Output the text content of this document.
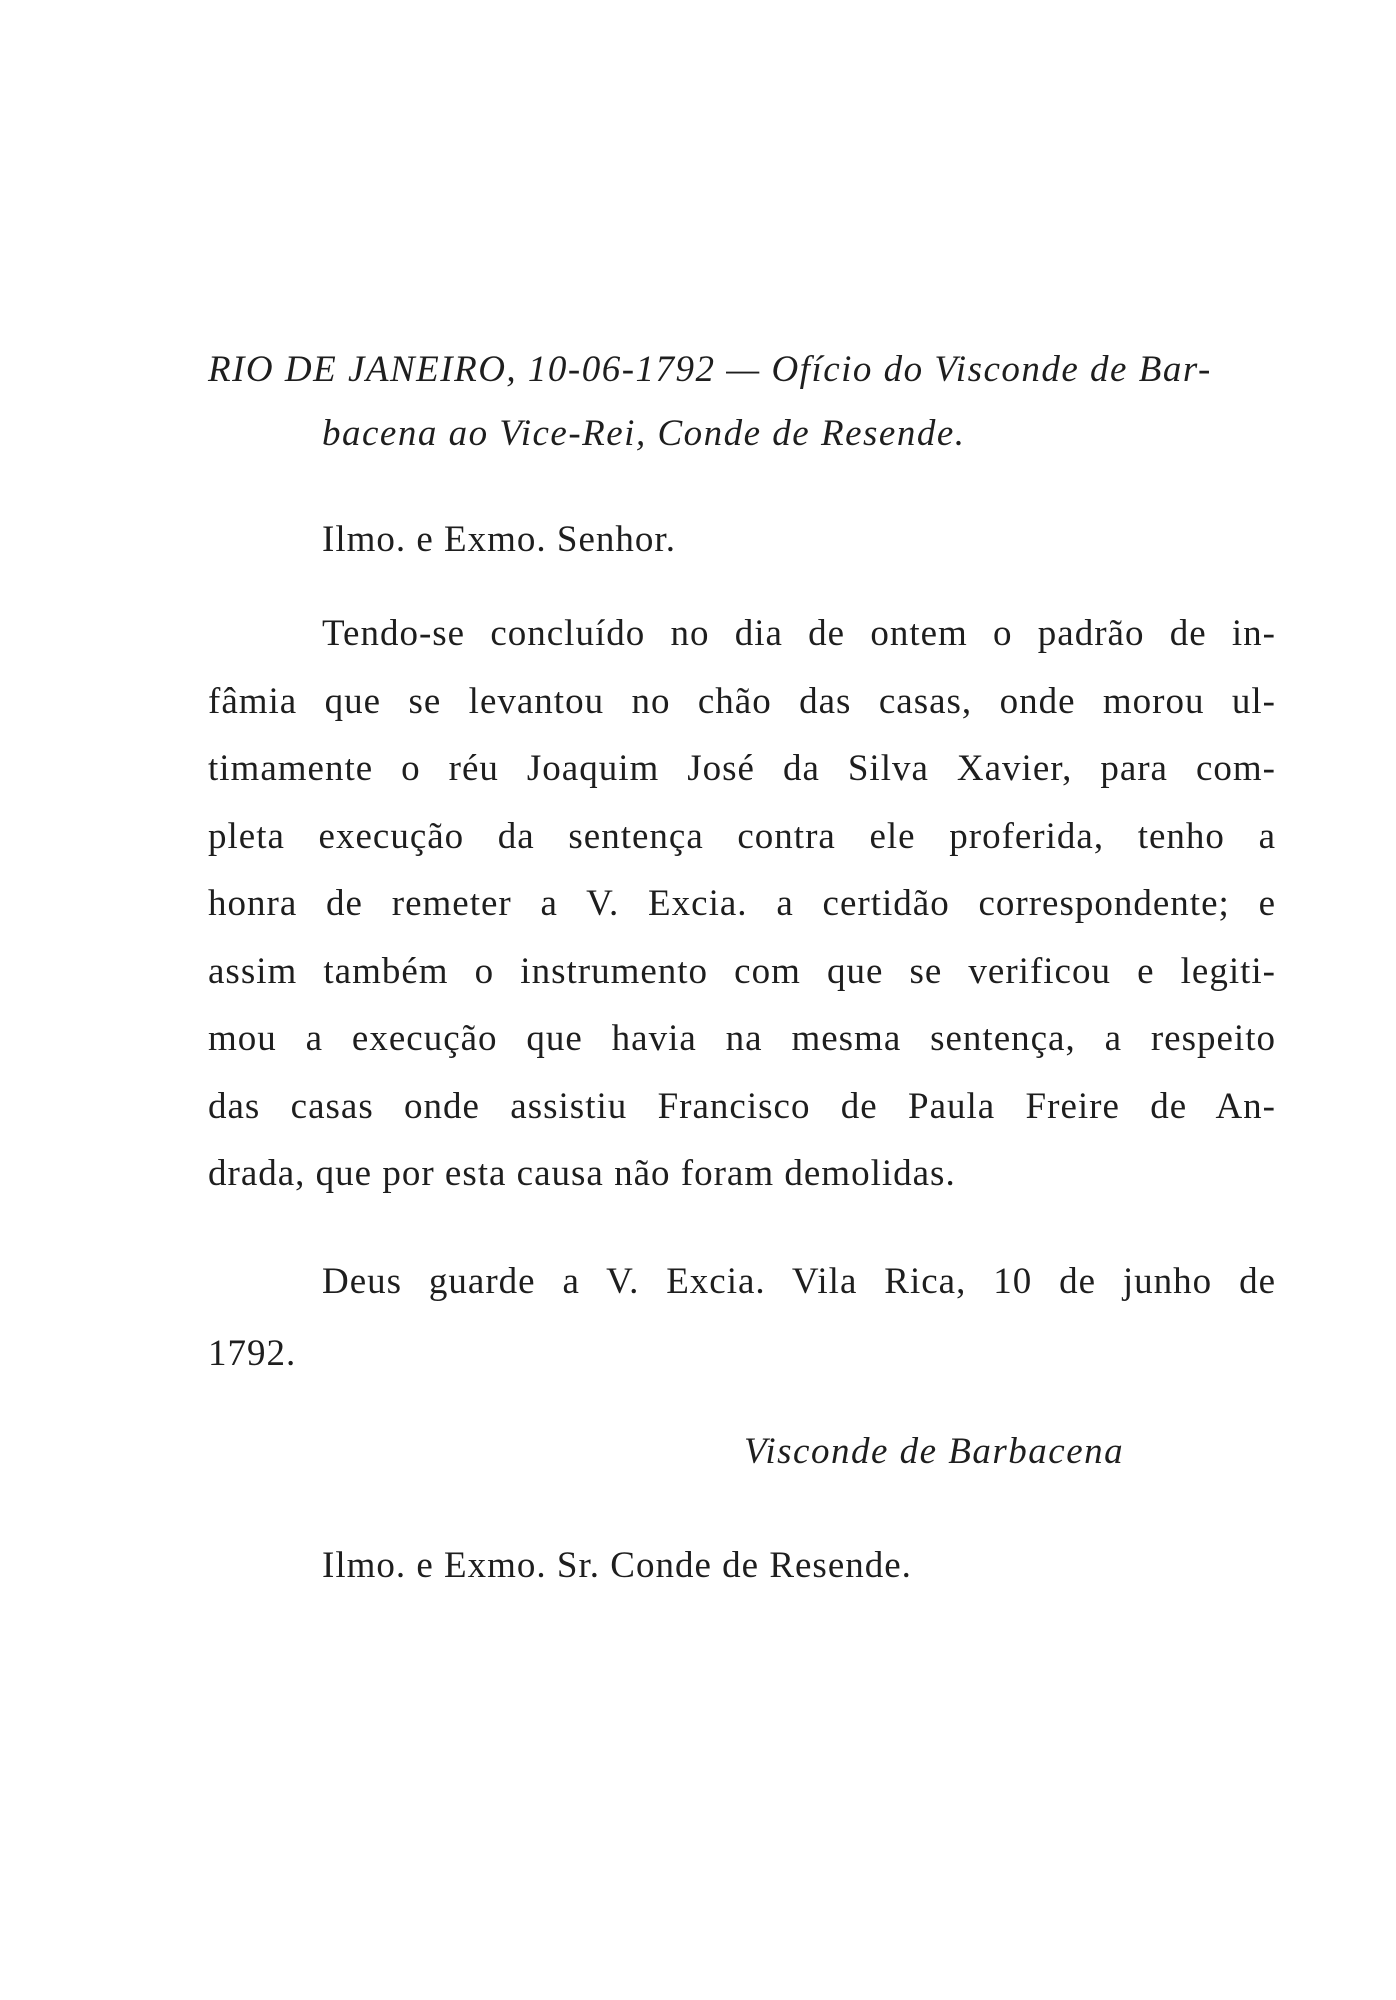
RIO DE JANEIRO, 10-06-1792 — Ofício do Visconde de Bar-
bacena ao Vice-Rei, Conde de Resende.
Ilmo. e Exmo. Senhor.
Tendo-se concluído no dia de ontem o padrão de in-
fâmia que se levantou no chão das casas, onde morou ul-
timamente o réu Joaquim José da Silva Xavier, para com-
pleta execução da sentença contra ele proferida, tenho a
honra de remeter a V. Excia. a certidão correspondente; e
assim também o instrumento com que se verificou e legiti-
mou a execução que havia na mesma sentença, a respeito
das casas onde assistiu Francisco de Paula Freire de An-
drada, que por esta causa não foram demolidas.
Deus guarde a V. Excia. Vila Rica, 10 de junho de
1792.
Visconde de Barbacena
Ilmo. e Exmo. Sr. Conde de Resende.
